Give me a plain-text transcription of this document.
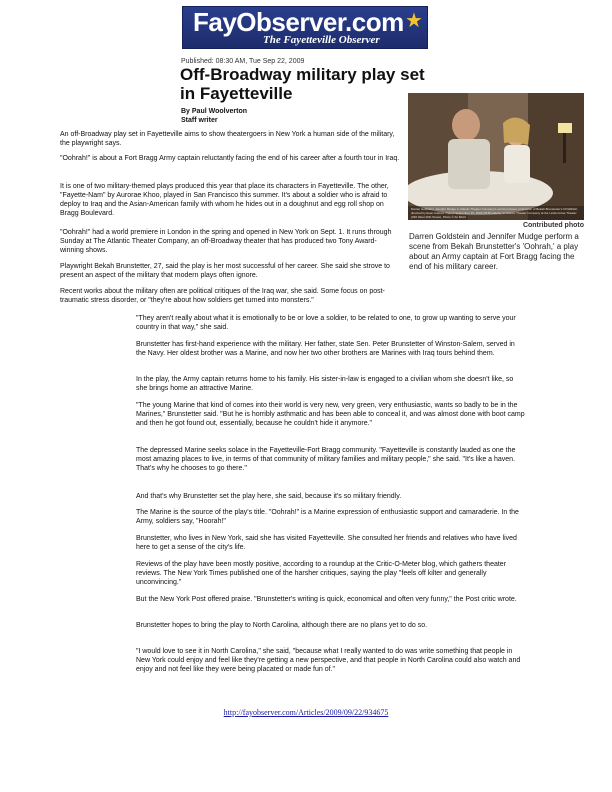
FayObserver.com ★
The Fayetteville Observer
Published: 08:30 AM, Tue Sep 22, 2009
Off-Broadway military play set in Fayetteville
By Paul Woolverton
Staff writer
Darren Goldstein, Jennifer Mudge in Atlantic Theater Company's world premiere production of Bekah Brunstetter's OOHRAH!, directed by Evan Cabnet. Opens September 15, 2009 Off-Broadway at Atlantic Theater Company at the Linda Gross Theater (336 West 20th Street). Photo © Ari Mintz
Contributed photo
Darren Goldstein and Jennifer Mudge perform a scene from Bekah Brunstetter's 'Oohrah,' a play about an Army captain at Fort Bragg facing the end of his military career.

An off-Broadway play set in Fayetteville aims to show theatergoers in New York a human side of the military, the playwright says.

"Oohrah!" is about a Fort Bragg Army captain reluctantly facing the end of his career after a fourth tour in Iraq.

It is one of two military-themed plays produced this year that place its characters in Fayetteville. The other, "Fayette-Nam" by Aurorae Khoo, played in San Francisco this summer. It's about a soldier who is afraid to deploy to Iraq and the Asian-American family with whom he hides out in a doughnut and egg roll shop on Bragg Boulevard.

"Oohrah!" had a world premiere in London in the spring and opened in New York on Sept. 1. It runs through Sunday at The Atlantic Theater Company, an off-Broadway theater that has produced two Tony Award-winning shows.

Playwright Bekah Brunstetter, 27, said the play is her most successful of her career. She said she strove to present an aspect of the military that modern plays often ignore.

Recent works about the military often are political critiques of the Iraq war, she said. Some focus on post-traumatic stress disorder, or "they're about how soldiers get turned into monsters."

"They aren't really about what it is emotionally to be or love a soldier, to be related to one, to grow up wanting to serve your country in that way," she said.

Brunstetter has first-hand experience with the military. Her father, state Sen. Peter Brunstetter of Winston-Salem, served in the Navy. Her oldest brother was a Marine, and now her two other brothers are Marines with Iraq tours behind them.

In the play, the Army captain returns home to his family. His sister-in-law is engaged to a civilian whom she doesn't like, so she brings home an attractive Marine.

"The young Marine that kind of comes into their world is very new, very green, very enthusiastic, wants so badly to be in the Marines," Brunstetter said. "But he is horribly asthmatic and has been able to conceal it, and was almost done with boot camp and then he got found out, essentially, because he couldn't hide it anymore."

The depressed Marine seeks solace in the Fayetteville-Fort Bragg community. "Fayetteville is constantly lauded as one the most amazing places to live, in terms of that community of military families and military people," she said. "It's like a haven. That's why he chooses to go there."

And that's why Brunstetter set the play here, she said, because it's so military friendly.

The Marine is the source of the play's title. "Oohrah!" is a Marine expression of enthusiastic support and camaraderie. In the Army, soldiers say, "Hoorah!"

Brunstetter, who lives in New York, said she has visited Fayetteville. She consulted her friends and relatives who have lived here to get a sense of the city's life.

Reviews of the play have been mostly positive, according to a roundup at the Critic-O-Meter blog, which gathers theater reviews. The New York Times published one of the harsher critiques, saying the play "feels off kilter and generally unconvincing."

But the New York Post offered praise. "Brunstetter's writing is quick, economical and often very funny," the Post critic wrote.

Brunstetter hopes to bring the play to North Carolina, although there are no plans yet to do so.

"I would love to see it in North Carolina," she said, "because what I really wanted to do was write something that people in New York could enjoy and feel like they're getting a new perspective, and that people in North Carolina could also watch and enjoy and not feel like they were being placated or made fun of."

http://fayobserver.com/Articles/2009/09/22/934675
